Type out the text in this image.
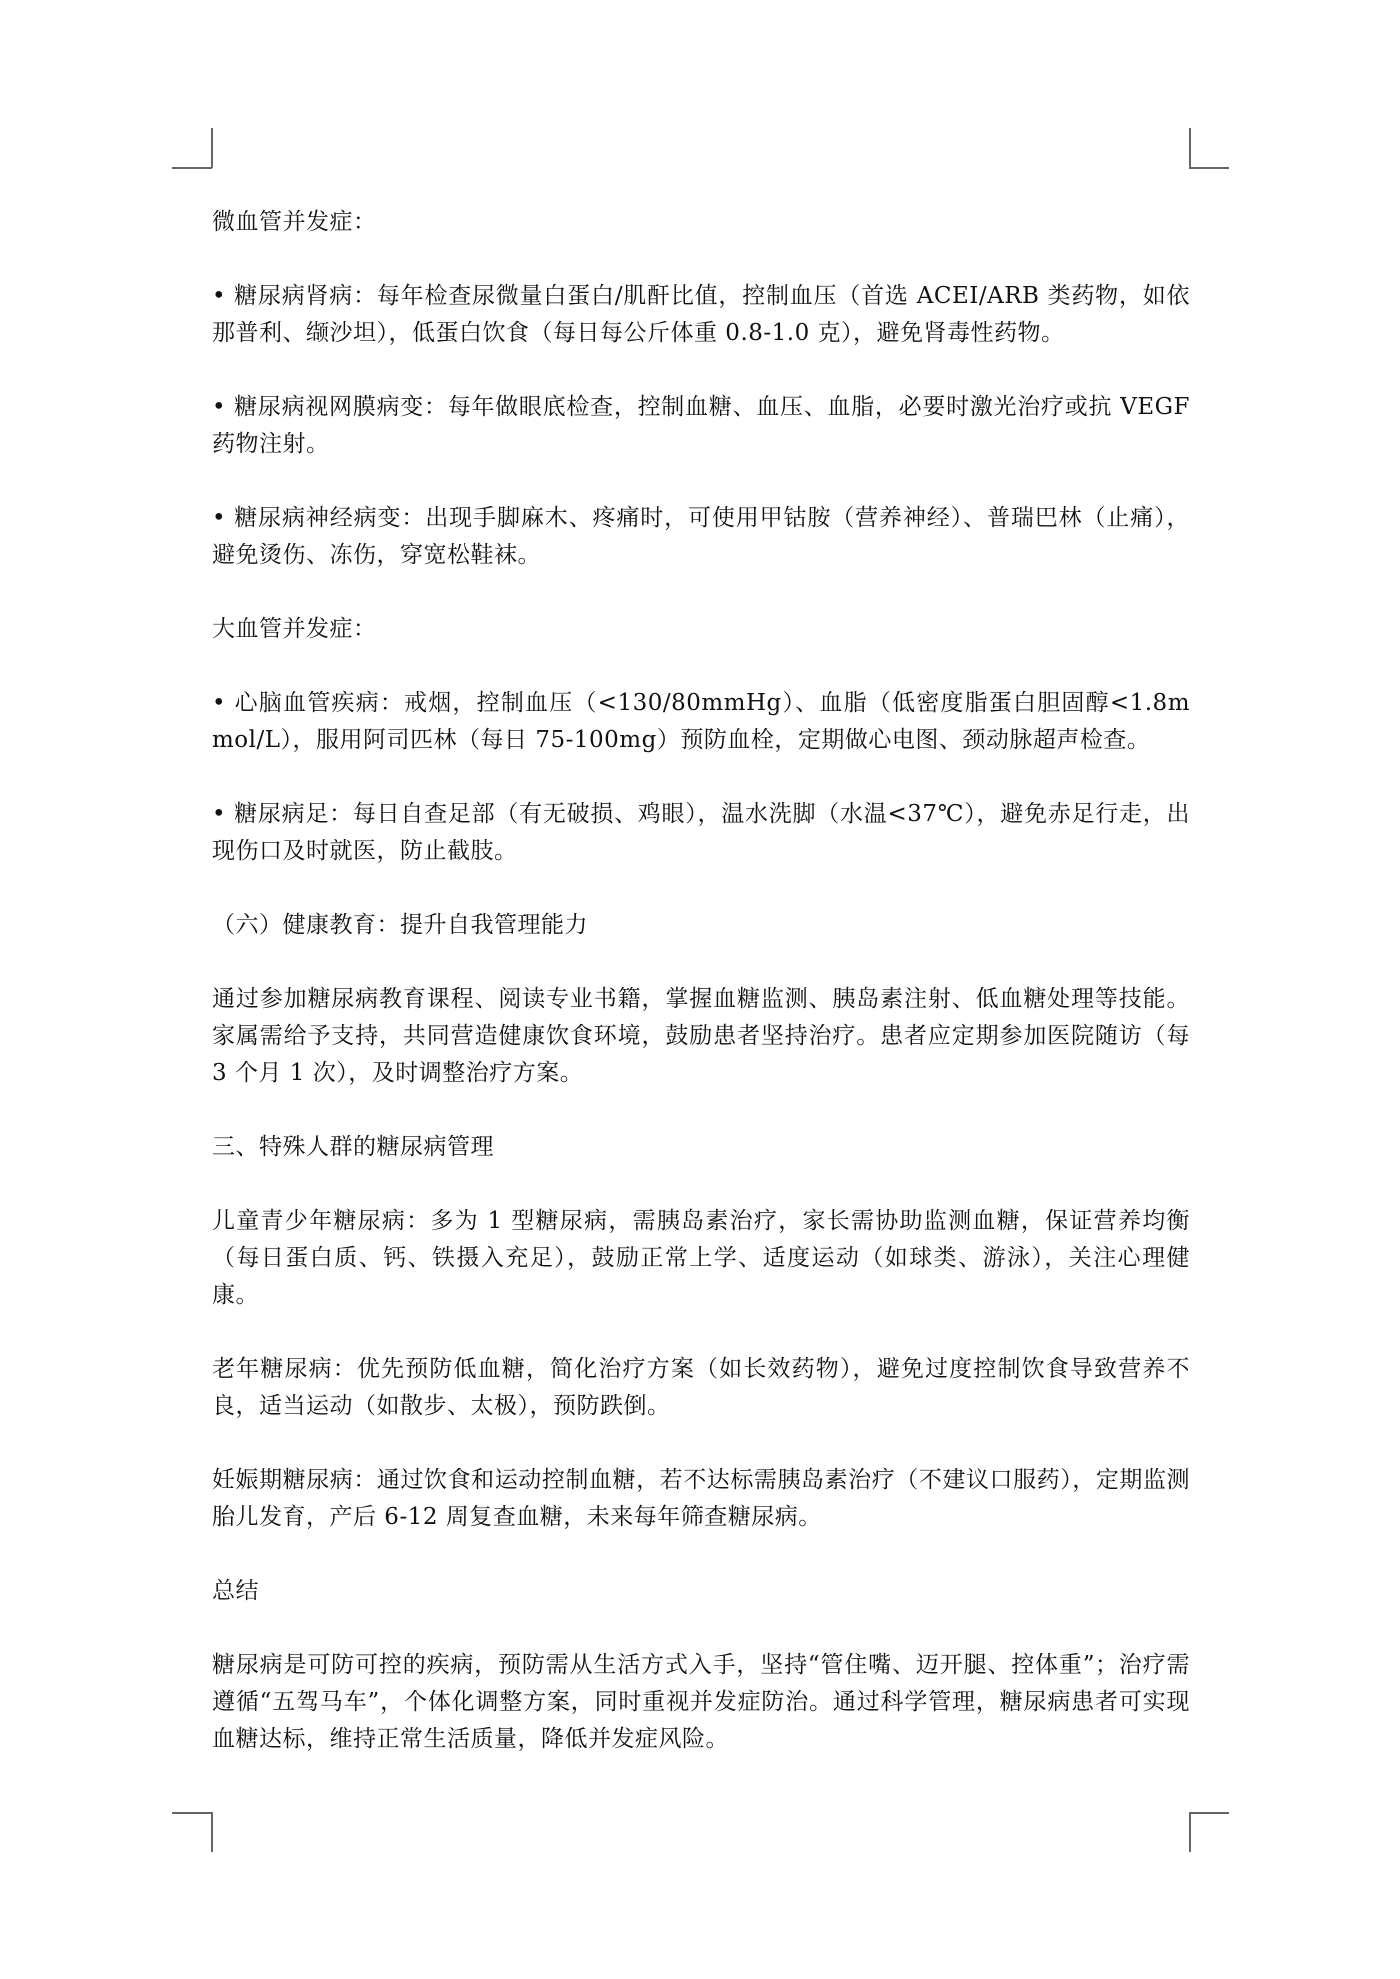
微血管并发症：

• 糖尿病肾病：每年检查尿微量白蛋白/肌酐比值，控制血压（首选 ACEI/ARB 类药物，如依那普利、缬沙坦），低蛋白饮食（每日每公斤体重 0.8-1.0 克），避免肾毒性药物。

• 糖尿病视网膜病变：每年做眼底检查，控制血糖、血压、血脂，必要时激光治疗或抗 VEGF 药物注射。

• 糖尿病神经病变：出现手脚麻木、疼痛时，可使用甲钴胺（营养神经）、普瑞巴林（止痛），避免烫伤、冻伤，穿宽松鞋袜。

大血管并发症：

• 心脑血管疾病：戒烟，控制血压（<130/80mmHg）、血脂（低密度脂蛋白胆固醇<1.8mmol/L），服用阿司匹林（每日 75-100mg）预防血栓，定期做心电图、颈动脉超声检查。

• 糖尿病足：每日自查足部（有无破损、鸡眼），温水洗脚（水温<37℃），避免赤足行走，出现伤口及时就医，防止截肢。

（六）健康教育：提升自我管理能力

通过参加糖尿病教育课程、阅读专业书籍，掌握血糖监测、胰岛素注射、低血糖处理等技能。家属需给予支持，共同营造健康饮食环境，鼓励患者坚持治疗。患者应定期参加医院随访（每 3 个月 1 次），及时调整治疗方案。

三、特殊人群的糖尿病管理

儿童青少年糖尿病：多为 1 型糖尿病，需胰岛素治疗，家长需协助监测血糖，保证营养均衡（每日蛋白质、钙、铁摄入充足），鼓励正常上学、适度运动（如球类、游泳），关注心理健康。

老年糖尿病：优先预防低血糖，简化治疗方案（如长效药物），避免过度控制饮食导致营养不良，适当运动（如散步、太极），预防跌倒。

妊娠期糖尿病：通过饮食和运动控制血糖，若不达标需胰岛素治疗（不建议口服药），定期监测胎儿发育，产后 6-12 周复查血糖，未来每年筛查糖尿病。

总结

糖尿病是可防可控的疾病，预防需从生活方式入手，坚持“管住嘴、迈开腿、控体重”；治疗需遵循“五驾马车”，个体化调整方案，同时重视并发症防治。通过科学管理，糖尿病患者可实现血糖达标，维持正常生活质量，降低并发症风险。
